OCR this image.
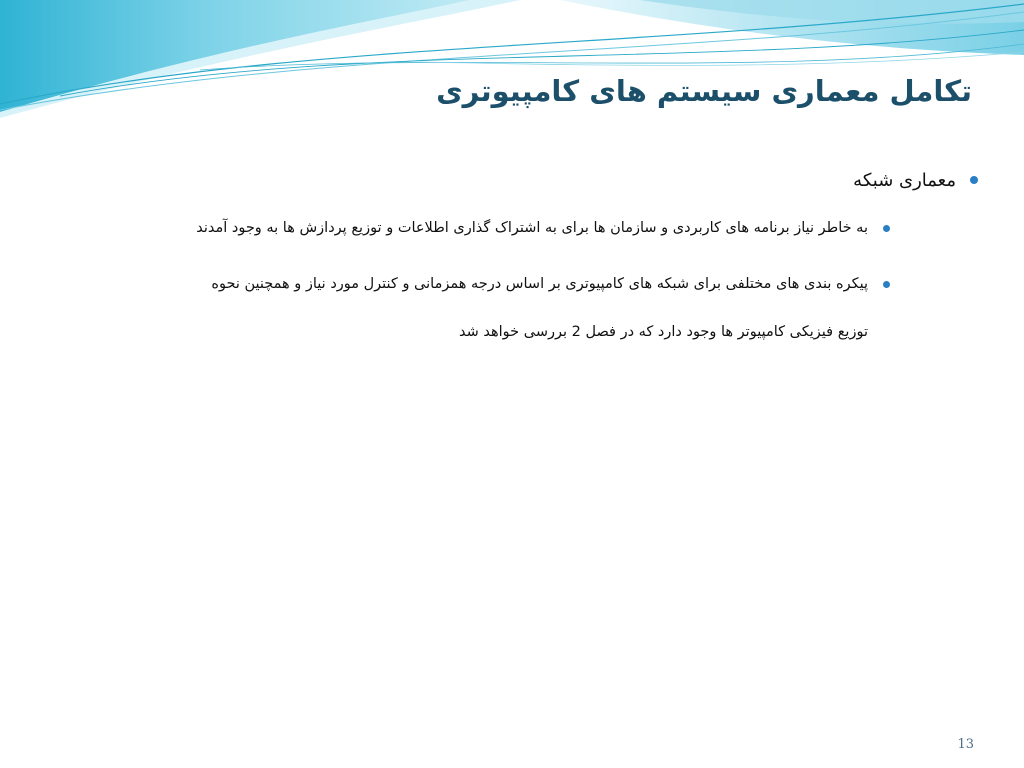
تکامل معماری سیستم های کامپیوتری
معماری شبکه
به خاطر نیاز برنامه های کاربردی و سازمان ها برای به اشتراک گذاری اطلاعات و توزیع پردازش ها به وجود آمدند
پیکره بندی های مختلفی برای شبکه های کامپیوتری بر اساس درجه همزمانی و کنترل مورد نیاز و همچنین نحوه
توزیع فیزیکی کامپیوتر ها وجود دارد که در فصل 2 بررسی خواهد شد
13
